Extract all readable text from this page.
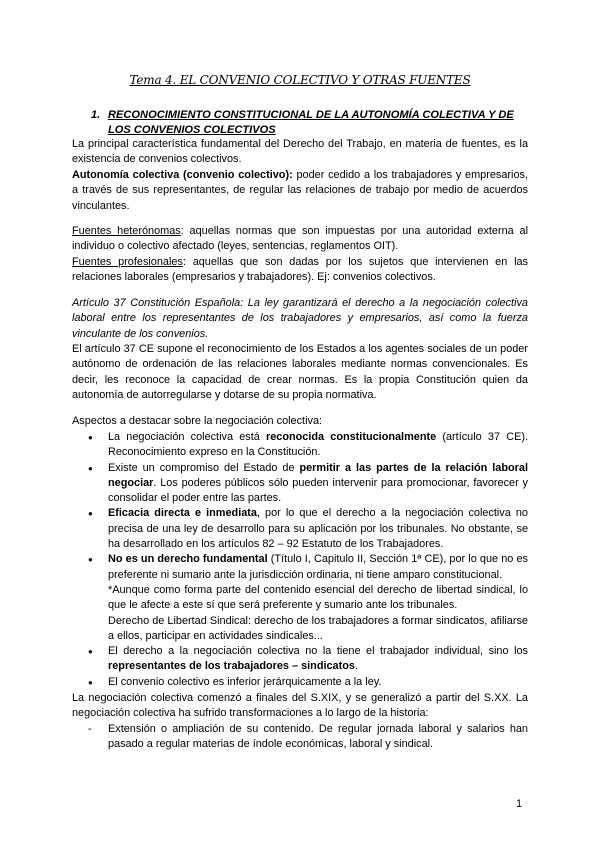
Tema 4. EL CONVENIO COLECTIVO Y OTRAS FUENTES
1. RECONOCIMIENTO CONSTITUCIONAL DE LA AUTONOMÍA COLECTIVA Y DE LOS CONVENIOS COLECTIVOS
La principal característica fundamental del Derecho del Trabajo, en materia de fuentes, es la existencia de convenios colectivos.
Autonomía colectiva (convenio colectivo): poder cedido a los trabajadores y empresarios, a través de sus representantes, de regular las relaciones de trabajo por medio de acuerdos vinculantes.
Fuentes heterónomas: aquellas normas que son impuestas por una autoridad externa al individuo o colectivo afectado (leyes, sentencias, reglamentos OIT).
Fuentes profesionales: aquellas que son dadas por los sujetos que intervienen en las relaciones laborales (empresarios y trabajadores). Ej: convenios colectivos.
Artículo 37 Constitución Española: La ley garantizará el derecho a la negociación colectiva laboral entre los representantes de los trabajadores y empresarios, así como la fuerza vinculante de los convenios.
El artículo 37 CE supone el reconocimiento de los Estados a los agentes sociales de un poder autónomo de ordenación de las relaciones laborales mediante normas convencionales. Es decir, les reconoce la capacidad de crear normas. Es la propia Constitución quien da autonomía de autorregularse y dotarse de su propia normativa.
Aspectos a destacar sobre la negociación colectiva:
● La negociación colectiva está reconocida constitucionalmente (artículo 37 CE). Reconocimiento expreso en la Constitución.
● Existe un compromiso del Estado de permitir a las partes de la relación laboral negociar. Los poderes públicos sólo pueden intervenir para promocionar, favorecer y consolidar el poder entre las partes.
● Eficacia directa e inmediata, por lo que el derecho a la negociación colectiva no precisa de una ley de desarrollo para su aplicación por los tribunales. No obstante, se ha desarrollado en los artículos 82 – 92 Estatuto de los Trabajadores.
● No es un derecho fundamental (Título I, Capitulo II, Sección 1ª CE), por lo que no es preferente ni sumario ante la jurisdicción ordinaria, ni tiene amparo constitucional.
*Aunque como forma parte del contenido esencial del derecho de libertad sindical, lo que le afecte a este sí que será preferente y sumario ante los tribunales.
Derecho de Libertad Sindical: derecho de los trabajadores a formar sindicatos, afiliarse a ellos, participar en actividades sindicales...
● El derecho a la negociación colectiva no la tiene el trabajador individual, sino los representantes de los trabajadores – sindicatos.
● El convenio colectivo es inferior jerárquicamente a la ley.
La negociación colectiva comenzó a finales del S.XIX, y se generalizó a partir del S.XX. La negociación colectiva ha sufrido transformaciones a lo largo de la historia:
- Extensión o ampliación de su contenido. De regular jornada laboral y salarios han pasado a regular materias de índole económicas, laboral y sindical.
1
